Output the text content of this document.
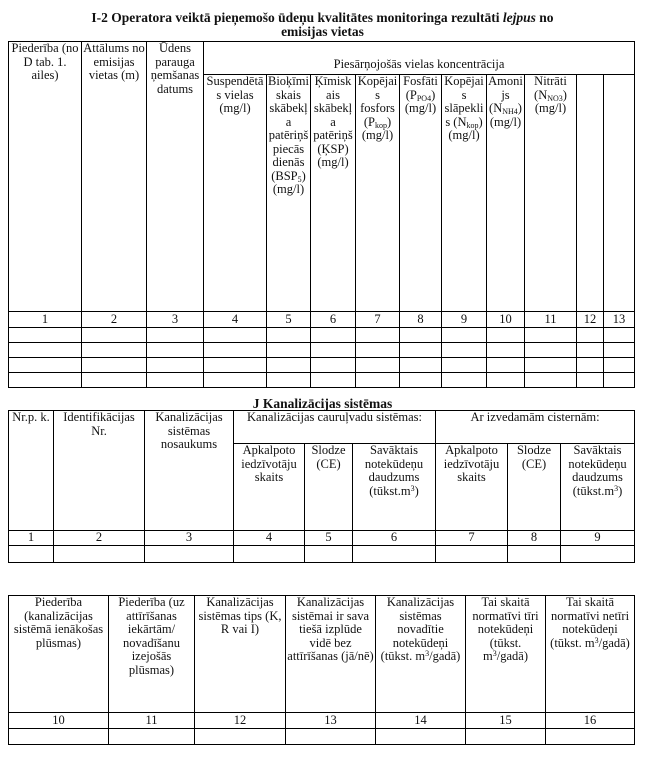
I-2 Operatora veiktā pieņemošo ūdeņu kvalitātes monitoringa rezultāti lejpus no
emisijas vietas
Piederība (no D tab. 1. ailes)	Attālums no emisijas vietas (m)	Ūdens parauga ņemšanas datums	Piesārņojošās vielas koncentrācija									
			Suspendētās vielas (mg/l)	Bioķīmiskais skābekļa patēriņš piecās dienās $(BSP_5)(mg/l)$	Ķīmiskais skābekļa patēriņš (ĶSP) (mg/l)	Kopējais fosfors $(P_{kop})$ (mg/l)	Fosfāti $(P_{PO4})$ (mg/l)	Kopējais slāpeklis $(N_{kop})$ (mg/l)	Amonijs $(N_{NH4})$ (mg/l)	Nitrāti $(N_{NO3})$ (mg/l)		
1	2	3	4	5	6	7	8	9	10	11	12	13

J Kanalizācijas sistēmas
Nr.p. k.	Identifikācijas Nr.	Kanalizācijas sistēmas nosaukums	Kanalizācijas cauruļvadu sistēmas:			Ar izvedamām cisternām:		
			Apkalpoto iedzīvotāju skaits	Slodze (CE)	Savāktais notekūdeņu daudzums $(tūkst.m^3)$	Apkalpoto iedzīvotāju skaits	Slodze (CE)	Savāktais notekūdeņu daudzums $(tūkst.m^3)$
1	2	3	4	5	6	7	8	9

Piederība (kanalizācijas sistēmā ienākošas plūsmas)	Piederība (uz attīrīšanas iekārtām/ novadīšanu izejošās plūsmas)	Kanalizācijas sistēmas tips (K, R vai I)	Kanalizācijas sistēmai ir sava tiešā izplūde vidē bez attīrīšanas (jā/nē)	Kanalizācijas sistēmas novadītie notekūdeņi (tūkst. $m^3/gadā$)	Tai skaitā normatīvi tīri notekūdeņi (tūkst. $m^3/gadā$)	Tai skaitā normatīvi netīri notekūdeņi (tūkst. $m^3/gadā$)
10	11	12	13	14	15	16
